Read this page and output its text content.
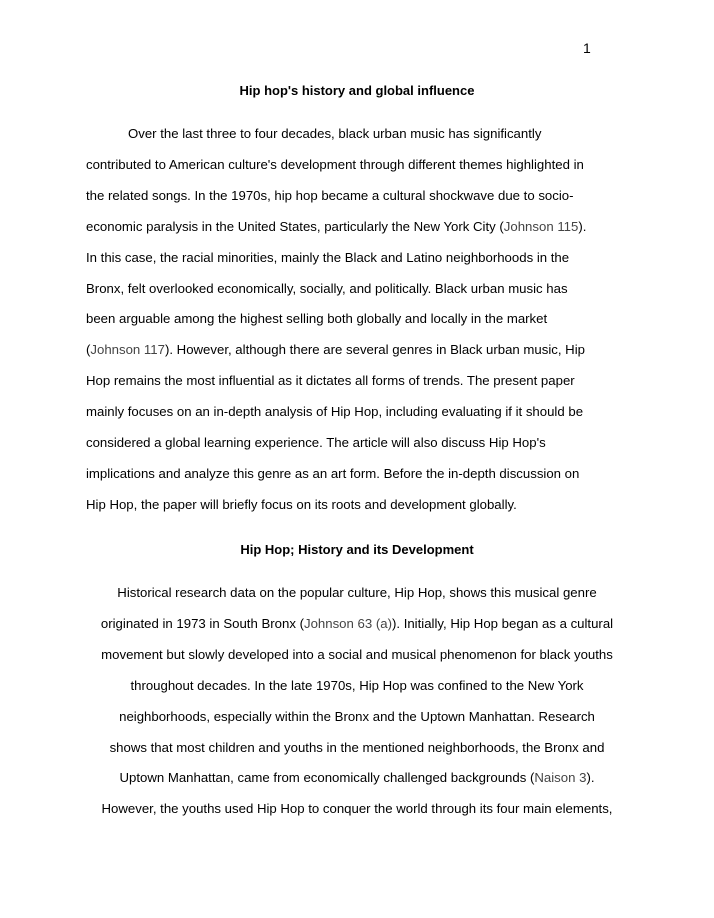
1
Hip hop's history and global influence
Over the last three to four decades, black urban music has significantly
contributed to American culture's development through different themes highlighted in
the related songs. In the 1970s, hip hop became a cultural shockwave due to socio-
economic paralysis in the United States, particularly the New York City (Johnson 115).
In this case, the racial minorities, mainly the Black and Latino neighborhoods in the
Bronx, felt overlooked economically, socially, and politically. Black urban music has
been arguable among the highest selling both globally and locally in the market
(Johnson 117). However, although there are several genres in Black urban music, Hip
Hop remains the most influential as it dictates all forms of trends. The present paper
mainly focuses on an in-depth analysis of Hip Hop, including evaluating if it should be
considered a global learning experience. The article will also discuss Hip Hop's
implications and analyze this genre as an art form. Before the in-depth discussion on
Hip Hop, the paper will briefly focus on its roots and development globally.
Hip Hop; History and its Development
Historical research data on the popular culture, Hip Hop, shows this musical genre
originated in 1973 in South Bronx (Johnson 63 (a)). Initially, Hip Hop began as a cultural
movement but slowly developed into a social and musical phenomenon for black youths
throughout decades. In the late 1970s, Hip Hop was confined to the New York
neighborhoods, especially within the Bronx and the Uptown Manhattan. Research
shows that most children and youths in the mentioned neighborhoods, the Bronx and
Uptown Manhattan, came from economically challenged backgrounds (Naison 3).
However, the youths used Hip Hop to conquer the world through its four main elements,
